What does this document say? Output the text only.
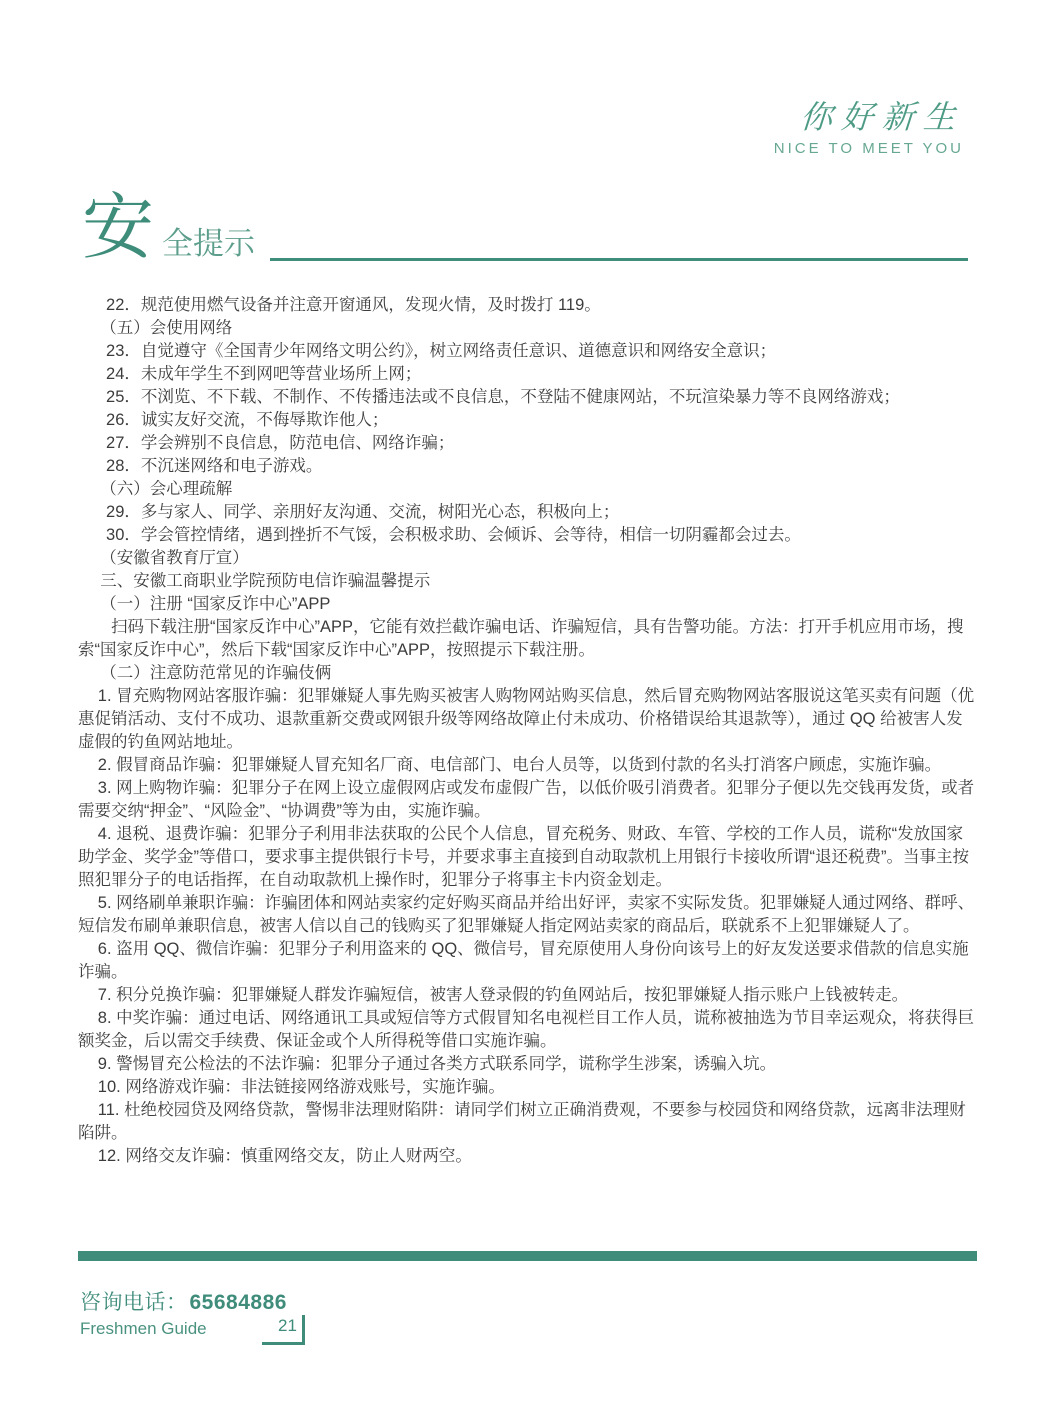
你好新生
NICE TO MEET YOU
安 全提示

22．规范使用燃气设备并注意开窗通风，发现火情，及时拨打 119。

（五）会使用网络

23．自觉遵守《全国青少年网络文明公约》，树立网络责任意识、道德意识和网络安全意识；

24．未成年学生不到网吧等营业场所上网；

25．不浏览、不下载、不制作、不传播违法或不良信息，不登陆不健康网站，不玩渲染暴力等不良网络游戏；

26．诚实友好交流，不侮辱欺诈他人；

27．学会辨别不良信息，防范电信、网络诈骗；

28．不沉迷网络和电子游戏。

（六）会心理疏解

29．多与家人、同学、亲朋好友沟通、交流，树阳光心态，积极向上；

30．学会管控情绪，遇到挫折不气馁，会积极求助、会倾诉、会等待，相信一切阴霾都会过去。

（安徽省教育厅宣）

三、安徽工商职业学院预防电信诈骗温馨提示

（一）注册 “国家反诈中心”APP

扫码下载注册“国家反诈中心”APP，它能有效拦截诈骗电话、诈骗短信，具有告警功能。方法：打开手机应用市场，搜索“国家反诈中心”，然后下载“国家反诈中心”APP，按照提示下载注册。

（二）注意防范常见的诈骗伎俩

1. 冒充购物网站客服诈骗：犯罪嫌疑人事先购买被害人购物网站购买信息，然后冒充购物网站客服说这笔买卖有问题（优惠促销活动、支付不成功、退款重新交费或网银升级等网络故障止付未成功、价格错误给其退款等），通过 QQ 给被害人发虚假的钓鱼网站地址。

2. 假冒商品诈骗：犯罪嫌疑人冒充知名厂商、电信部门、电台人员等，以货到付款的名头打消客户顾虑，实施诈骗。

3. 网上购物诈骗：犯罪分子在网上设立虚假网店或发布虚假广告，以低价吸引消费者。犯罪分子便以先交钱再发货，或者需要交纳“押金”、“风险金”、“协调费”等为由，实施诈骗。

4. 退税、退费诈骗：犯罪分子利用非法获取的公民个人信息，冒充税务、财政、车管、学校的工作人员，谎称“发放国家助学金、奖学金”等借口，要求事主提供银行卡号，并要求事主直接到自动取款机上用银行卡接收所谓“退还税费”。当事主按照犯罪分子的电话指挥，在自动取款机上操作时，犯罪分子将事主卡内资金划走。

5. 网络刷单兼职诈骗：诈骗团体和网站卖家约定好购买商品并给出好评，卖家不实际发货。犯罪嫌疑人通过网络、群呼、短信发布刷单兼职信息，被害人信以自己的钱购买了犯罪嫌疑人指定网站卖家的商品后，联就系不上犯罪嫌疑人了。

6. 盗用 QQ、微信诈骗：犯罪分子利用盗来的 QQ、微信号，冒充原使用人身份向该号上的好友发送要求借款的信息实施诈骗。

7. 积分兑换诈骗：犯罪嫌疑人群发诈骗短信，被害人登录假的钓鱼网站后，按犯罪嫌疑人指示账户上钱被转走。

8. 中奖诈骗：通过电话、网络通讯工具或短信等方式假冒知名电视栏目工作人员，谎称被抽选为节目幸运观众，将获得巨额奖金，后以需交手续费、保证金或个人所得税等借口实施诈骗。

9. 警惕冒充公检法的不法诈骗：犯罪分子通过各类方式联系同学，谎称学生涉案，诱骗入坑。

10. 网络游戏诈骗：非法链接网络游戏账号，实施诈骗。

11. 杜绝校园贷及网络贷款，警惕非法理财陷阱：请同学们树立正确消费观，不要参与校园贷和网络贷款，远离非法理财陷阱。

12. 网络交友诈骗：慎重网络交友，防止人财两空。

咨询电话：65684886
Freshmen Guide	21
